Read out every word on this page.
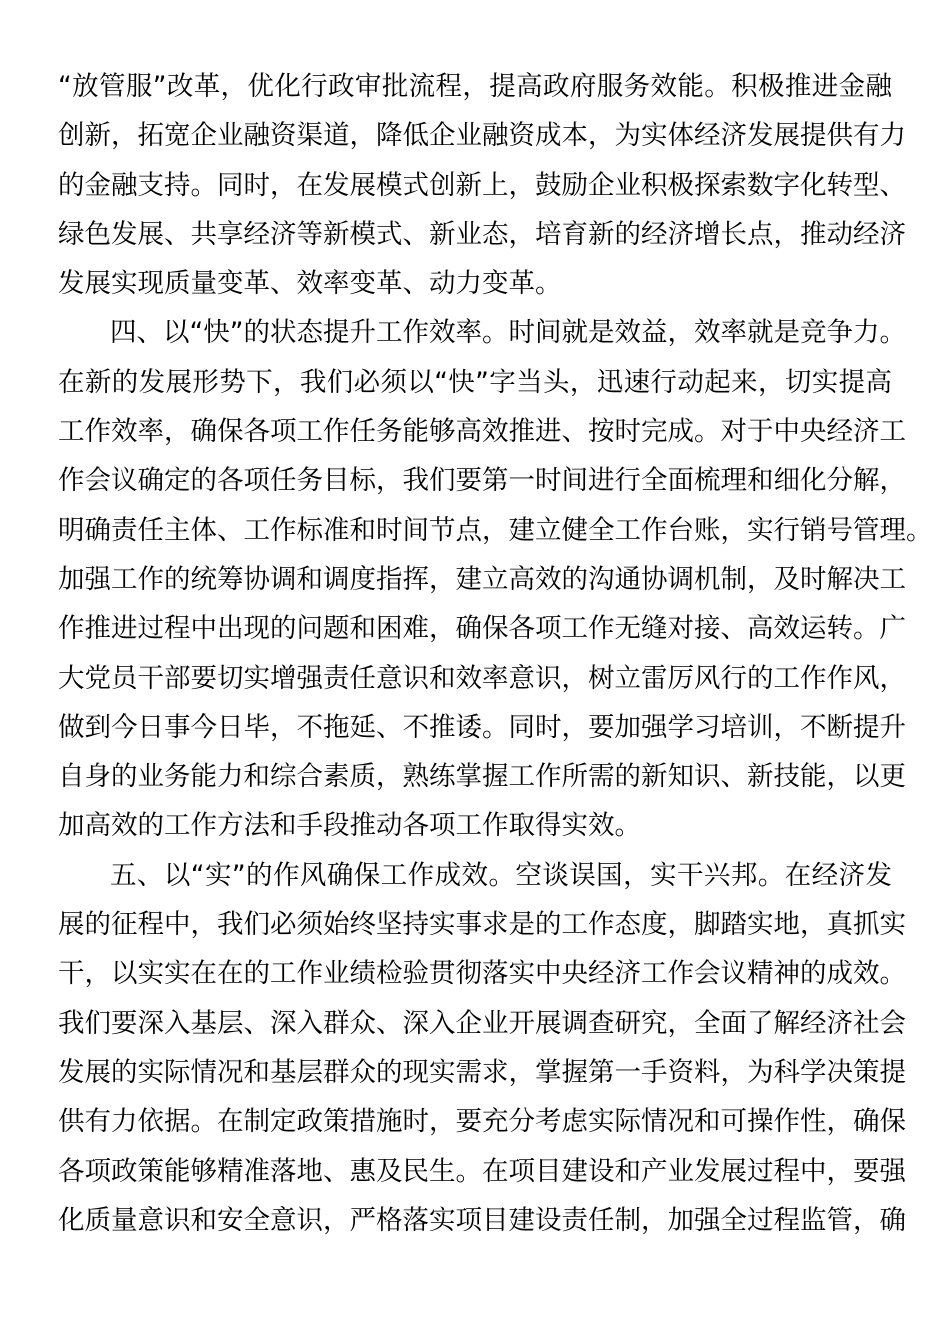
“放管服”改革，优化行政审批流程，提高政府服务效能。积极推进金融
创新，拓宽企业融资渠道，降低企业融资成本，为实体经济发展提供有力
的金融支持。同时，在发展模式创新上，鼓励企业积极探索数字化转型、
绿色发展、共享经济等新模式、新业态，培育新的经济增长点，推动经济
发展实现质量变革、效率变革、动力变革。
四、以“快”的状态提升工作效率。时间就是效益，效率就是竞争力。
在新的发展形势下，我们必须以“快”字当头，迅速行动起来，切实提高
工作效率，确保各项工作任务能够高效推进、按时完成。对于中央经济工
作会议确定的各项任务目标，我们要第一时间进行全面梳理和细化分解，
明确责任主体、工作标准和时间节点，建立健全工作台账，实行销号管理。
加强工作的统筹协调和调度指挥，建立高效的沟通协调机制，及时解决工
作推进过程中出现的问题和困难，确保各项工作无缝对接、高效运转。广
大党员干部要切实增强责任意识和效率意识，树立雷厉风行的工作作风，
做到今日事今日毕，不拖延、不推诿。同时，要加强学习培训，不断提升
自身的业务能力和综合素质，熟练掌握工作所需的新知识、新技能，以更
加高效的工作方法和手段推动各项工作取得实效。
五、以“实”的作风确保工作成效。空谈误国，实干兴邦。在经济发
展的征程中，我们必须始终坚持实事求是的工作态度，脚踏实地，真抓实
干，以实实在在的工作业绩检验贯彻落实中央经济工作会议精神的成效。
我们要深入基层、深入群众、深入企业开展调查研究，全面了解经济社会
发展的实际情况和基层群众的现实需求，掌握第一手资料，为科学决策提
供有力依据。在制定政策措施时，要充分考虑实际情况和可操作性，确保
各项政策能够精准落地、惠及民生。在项目建设和产业发展过程中，要强
化质量意识和安全意识，严格落实项目建设责任制，加强全过程监管，确
